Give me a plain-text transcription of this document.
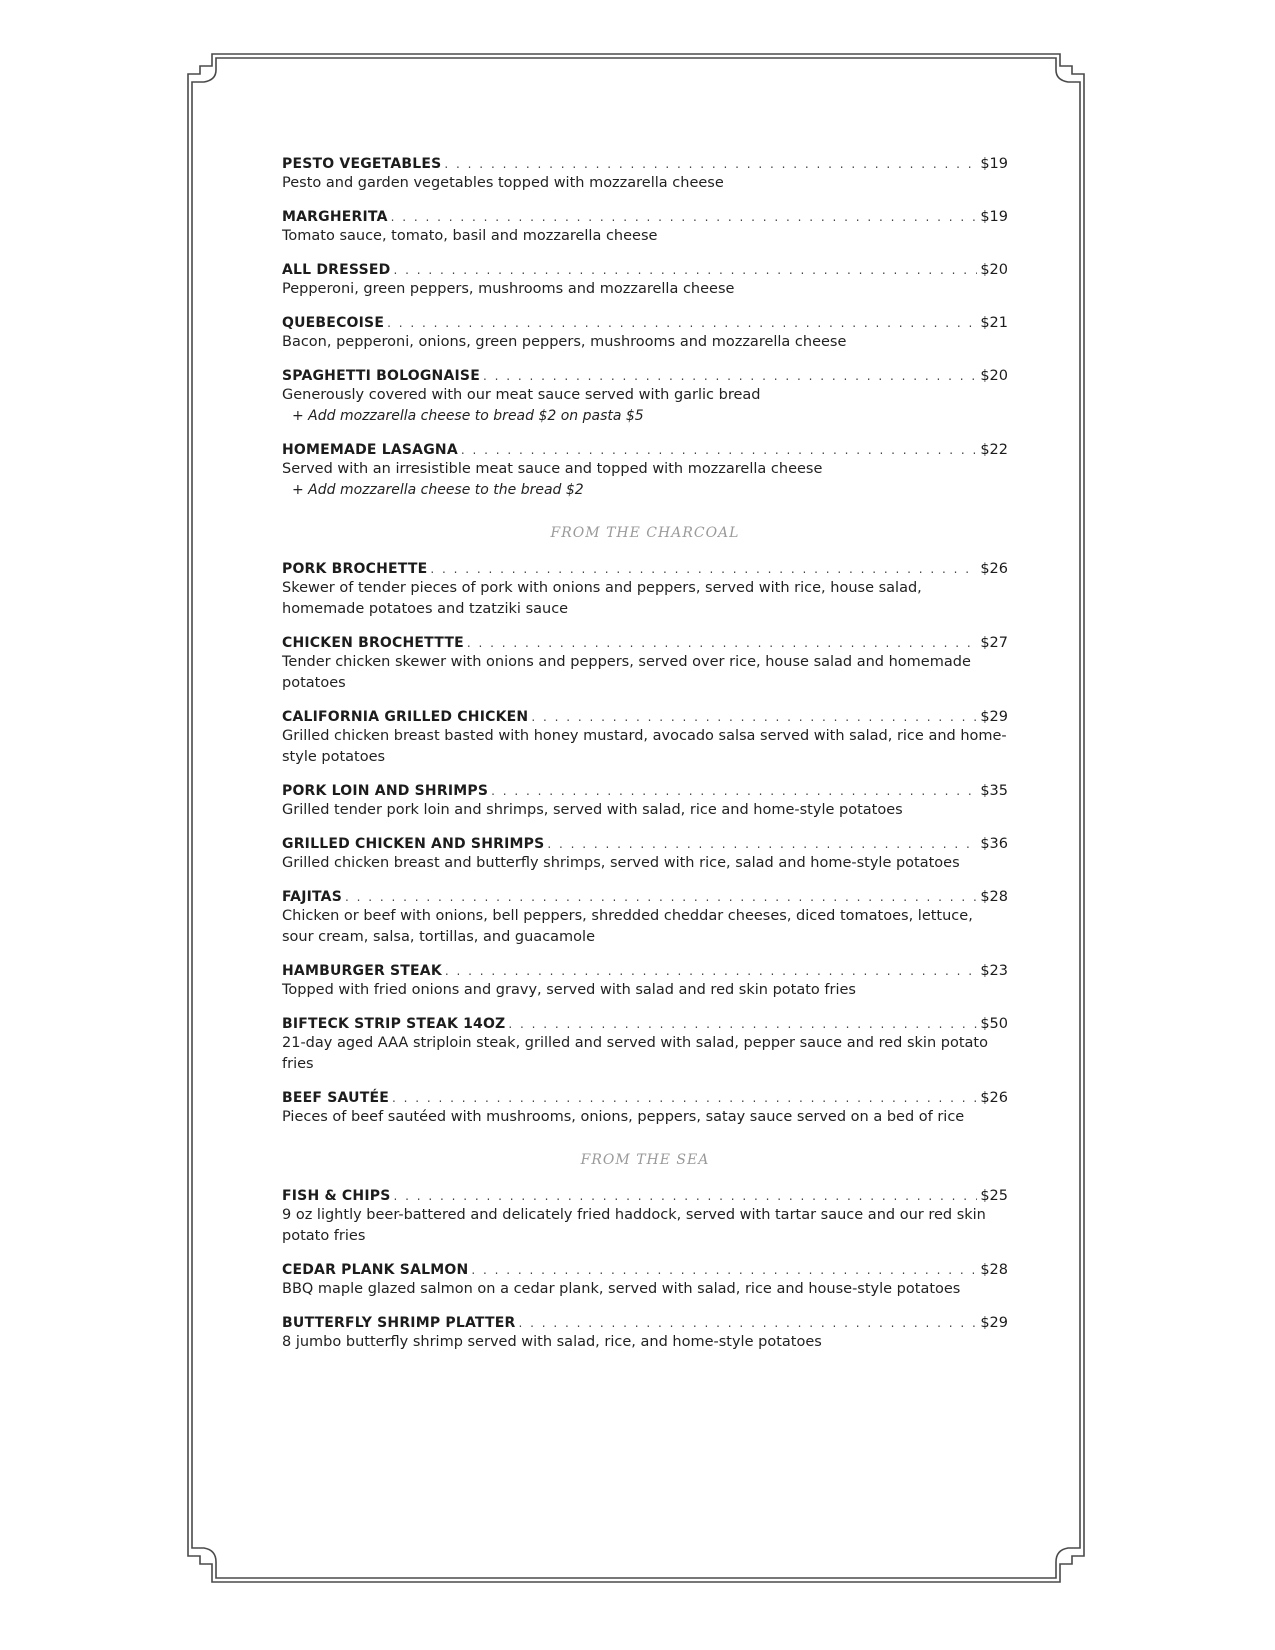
PESTO VEGETABLES . . .	$19
Pesto and garden vegetables topped with mozzarella cheese
MARGHERITA . . .	$19
Tomato sauce, tomato, basil and mozzarella cheese
ALL DRESSED . . .	$20
Pepperoni, green peppers, mushrooms and mozzarella cheese
QUEBECOISE . . .	$21
Bacon, pepperoni, onions, green peppers, mushrooms and mozzarella cheese
SPAGHETTI BOLOGNAISE . . .	$20
Generously covered with our meat sauce served with garlic bread
+ Add mozzarella cheese to bread $2 on pasta $5
HOMEMADE LASAGNA . . .	$22
Served with an irresistible meat sauce and topped with mozzarella cheese
+ Add mozzarella cheese to the bread $2
FROM THE CHARCOAL
PORK BROCHETTE . . .	$26
Skewer of tender pieces of pork with onions and peppers, served with rice, house salad, homemade potatoes and tzatziki sauce
CHICKEN BROCHETTTE . . .	$27
Tender chicken skewer with onions and peppers, served over rice, house salad and homemade potatoes
CALIFORNIA GRILLED CHICKEN . . .	$29
Grilled chicken breast basted with honey mustard, avocado salsa served with salad, rice and home-style potatoes
PORK LOIN AND SHRIMPS . . .	$35
Grilled tender pork loin and shrimps, served with salad, rice and home-style potatoes
GRILLED CHICKEN AND SHRIMPS . . .	$36
Grilled chicken breast and butterfly shrimps, served with rice, salad and home-style potatoes
FAJITAS . . .	$28
Chicken or beef with onions, bell peppers, shredded cheddar cheeses, diced tomatoes, lettuce, sour cream, salsa, tortillas, and guacamole
HAMBURGER STEAK . . .	$23
Topped with fried onions and gravy, served with salad and red skin potato fries
BIFTECK STRIP STEAK 14OZ . . .	$50
21-day aged AAA striploin steak, grilled and served with salad, pepper sauce and red skin potato fries
BEEF SAUTÉE . . .	$26
Pieces of beef sautéed with mushrooms, onions, peppers, satay sauce served on a bed of rice
FROM THE SEA
FISH & CHIPS . . .	$25
9 oz lightly beer-battered and delicately fried haddock, served with tartar sauce and our red skin potato fries
CEDAR PLANK SALMON . . .	$28
BBQ maple glazed salmon on a cedar plank, served with salad, rice and house-style potatoes
BUTTERFLY SHRIMP PLATTER . . .	$29
8 jumbo butterfly shrimp served with salad, rice, and home-style potatoes
